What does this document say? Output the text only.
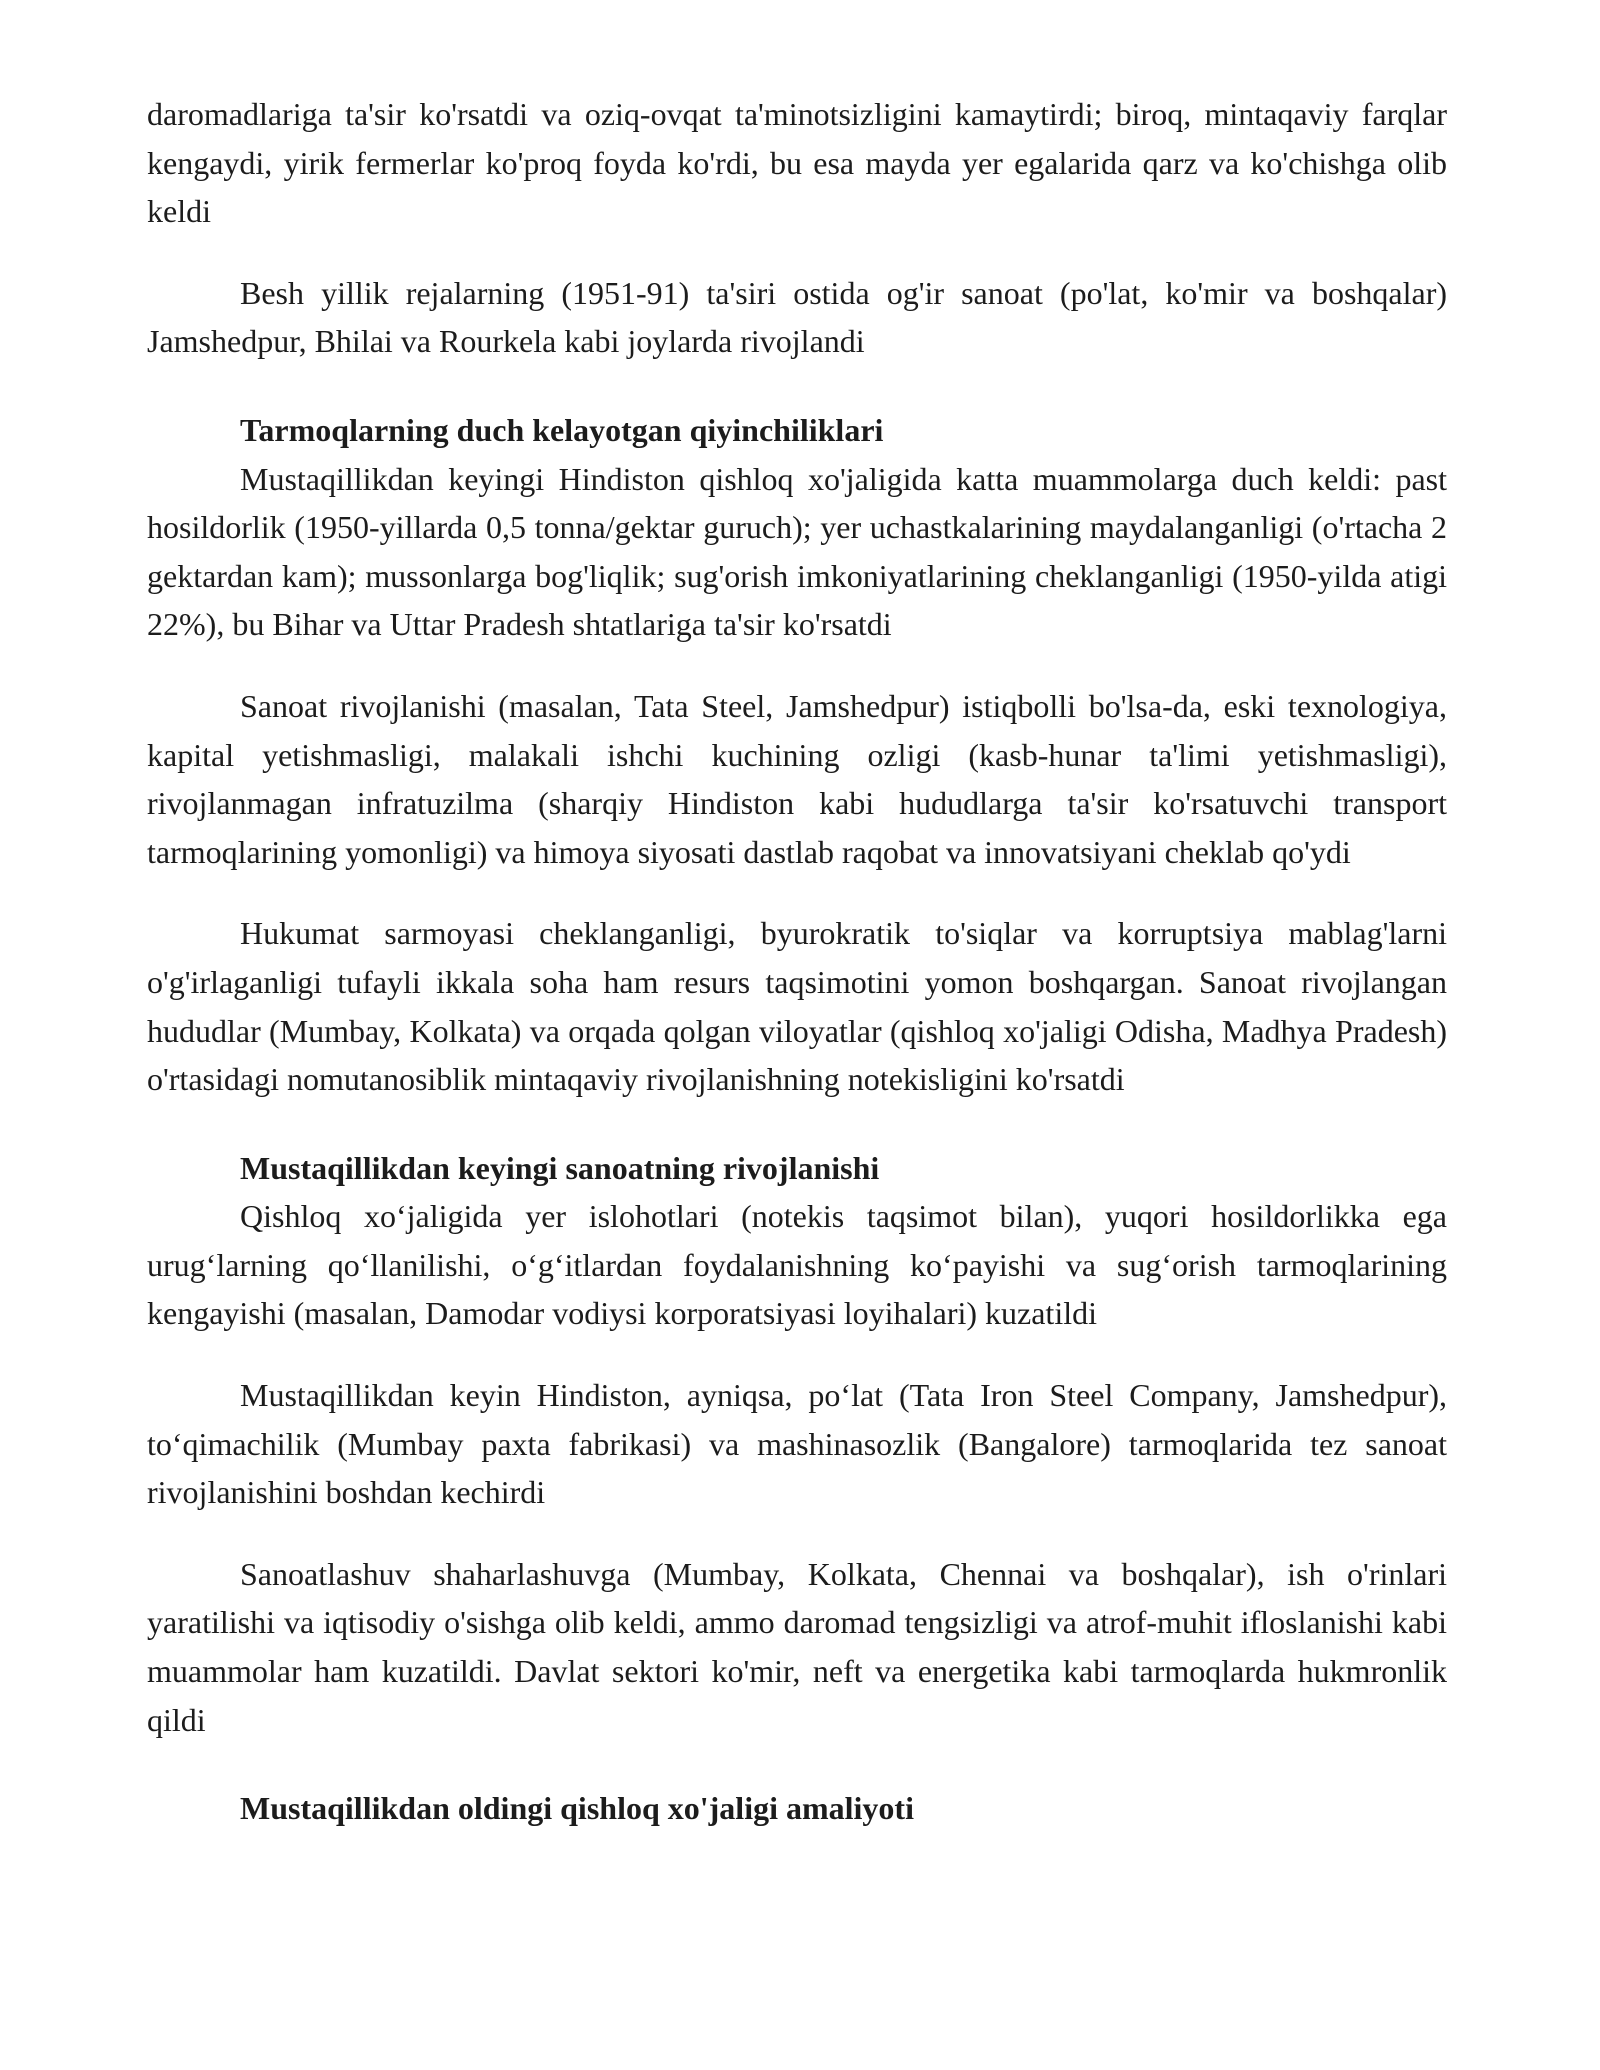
daromadlariga ta'sir ko'rsatdi va oziq-ovqat ta'minotsizligini kamaytirdi; biroq, mintaqaviy farqlar kengaydi, yirik fermerlar ko'proq foyda ko'rdi, bu esa mayda yer egalarida qarz va ko'chishga olib keldi

Besh yillik rejalarning (1951-91) ta'siri ostida og'ir sanoat (po'lat, ko'mir va boshqalar) Jamshedpur, Bhilai va Rourkela kabi joylarda rivojlandi

Tarmoqlarning duch kelayotgan qiyinchiliklari

Mustaqillikdan keyingi Hindiston qishloq xo'jaligida katta muammolarga duch keldi: past hosildorlik (1950-yillarda 0,5 tonna/gektar guruch); yer uchastkalarining maydalanganligi (o'rtacha 2 gektardan kam); mussonlarga bog'liqlik; sug'orish imkoniyatlarining cheklanganligi (1950-yilda atigi 22%), bu Bihar va Uttar Pradesh shtatlariga ta'sir ko'rsatdi

Sanoat rivojlanishi (masalan, Tata Steel, Jamshedpur) istiqbolli bo'lsa-da, eski texnologiya, kapital yetishmasligi, malakali ishchi kuchining ozligi (kasb-hunar ta'limi yetishmasligi), rivojlanmagan infratuzilma (sharqiy Hindiston kabi hududlarga ta'sir ko'rsatuvchi transport tarmoqlarining yomonligi) va himoya siyosati dastlab raqobat va innovatsiyani cheklab qo'ydi

Hukumat sarmoyasi cheklanganligi, byurokratik to'siqlar va korruptsiya mablag'larni o'g'irlaganligi tufayli ikkala soha ham resurs taqsimotini yomon boshqargan. Sanoat rivojlangan hududlar (Mumbay, Kolkata) va orqada qolgan viloyatlar (qishloq xo'jaligi Odisha, Madhya Pradesh) o'rtasidagi nomutanosiblik mintaqaviy rivojlanishning notekisligini ko'rsatdi

Mustaqillikdan keyingi sanoatning rivojlanishi

Qishloq xo‘jaligida yer islohotlari (notekis taqsimot bilan), yuqori hosildorlikka ega urug‘larning qo‘llanilishi, o‘g‘itlardan foydalanishning ko‘payishi va sug‘orish tarmoqlarining kengayishi (masalan, Damodar vodiysi korporatsiyasi loyihalari) kuzatildi

Mustaqillikdan keyin Hindiston, ayniqsa, po‘lat (Tata Iron Steel Company, Jamshedpur), to‘qimachilik (Mumbay paxta fabrikasi) va mashinasozlik (Bangalore) tarmoqlarida tez sanoat rivojlanishini boshdan kechirdi

Sanoatlashuv shaharlashuvga (Mumbay, Kolkata, Chennai va boshqalar), ish o'rinlari yaratilishi va iqtisodiy o'sishga olib keldi, ammo daromad tengsizligi va atrof-muhit ifloslanishi kabi muammolar ham kuzatildi. Davlat sektori ko'mir, neft va energetika kabi tarmoqlarda hukmronlik qildi

Mustaqillikdan oldingi qishloq xo'jaligi amaliyoti
